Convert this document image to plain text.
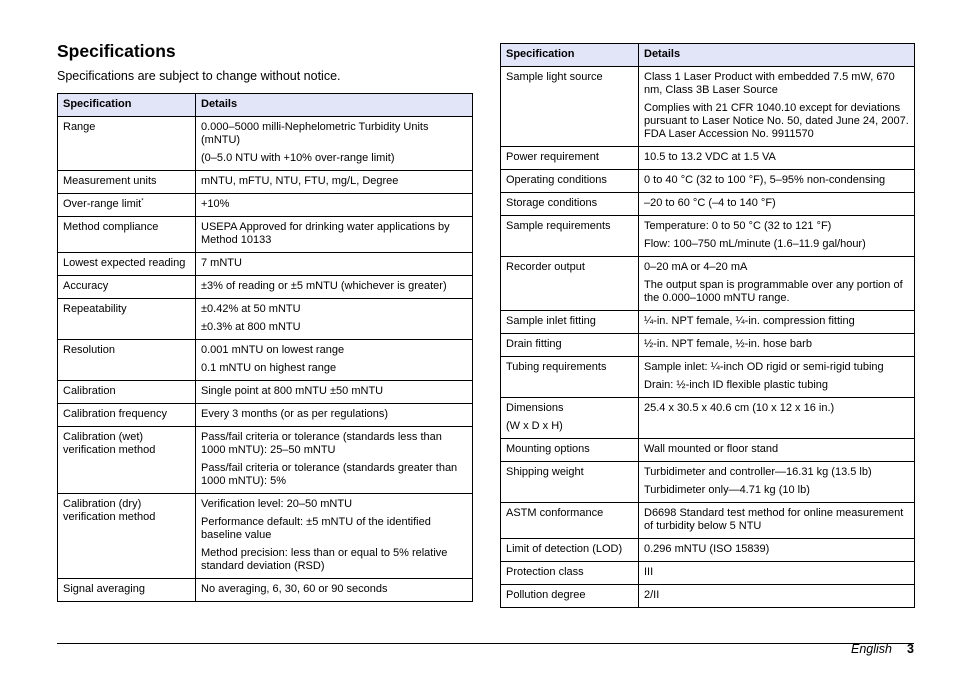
Specifications

Specifications are subject to change without notice.

Specification	Details

Range	0.000–5000 milli-Nephelometric Turbidity Units (mNTU)

(0–5.0 NTU with +10% over-range limit)

Measurement units	mNTU, mFTU, NTU, FTU, mg/L, Degree

Over-range limit*	+10%

Method compliance	USEPA Approved for drinking water applications by Method 10133

Lowest expected reading	7 mNTU

Accuracy	±3% of reading or ±5 mNTU (whichever is greater)

Repeatability	±0.42% at 50 mNTU

±0.3% at 800 mNTU

Resolution	0.001 mNTU on lowest range

0.1 mNTU on highest range

Calibration	Single point at 800 mNTU ±50 mNTU

Calibration frequency	Every 3 months (or as per regulations)

Calibration (wet) verification method	Pass/fail criteria or tolerance (standards less than 1000 mNTU): 25–50 mNTU

Pass/fail criteria or tolerance (standards greater than 1000 mNTU): 5%

Calibration (dry) verification method	Verification level: 20–50 mNTU

Performance default: ±5 mNTU of the identified baseline value

Method precision: less than or equal to 5% relative standard deviation (RSD)

Signal averaging	No averaging, 6, 30, 60 or 90 seconds

Specification	Details

Sample light source	Class 1 Laser Product with embedded 7.5 mW, 670 nm, Class 3B Laser Source

Complies with 21 CFR 1040.10 except for deviations pursuant to Laser Notice No. 50, dated June 24, 2007. FDA Laser Accession No. 9911570

Power requirement	10.5 to 13.2 VDC at 1.5 VA

Operating conditions	0 to 40 °C (32 to 100 °F), 5–95% non-condensing

Storage conditions	–20 to 60 °C (–4 to 140 °F)

Sample requirements	Temperature: 0 to 50 °C (32 to 121 °F)

Flow: 100–750 mL/minute (1.6–11.9 gal/hour)

Recorder output	0–20 mA or 4–20 mA

The output span is programmable over any portion of the 0.000–1000 mNTU range.

Sample inlet fitting	¼-in. NPT female, ¼-in. compression fitting

Drain fitting	½-in. NPT female, ½-in. hose barb

Tubing requirements	Sample inlet: ¼-inch OD rigid or semi-rigid tubing

Drain: ½-inch ID flexible plastic tubing

Dimensions

(W x D x H)	25.4 x 30.5 x 40.6 cm (10 x 12 x 16 in.)

Mounting options	Wall mounted or floor stand

Shipping weight	Turbidimeter and controller—16.31 kg (13.5 lb)

Turbidimeter only—4.71 kg (10 lb)

ASTM conformance	D6698 Standard test method for online measurement of turbidity below 5 NTU

Limit of detection (LOD)	0.296 mNTU (ISO 15839)

Protection class	III

Pollution degree	2/II

English 3
